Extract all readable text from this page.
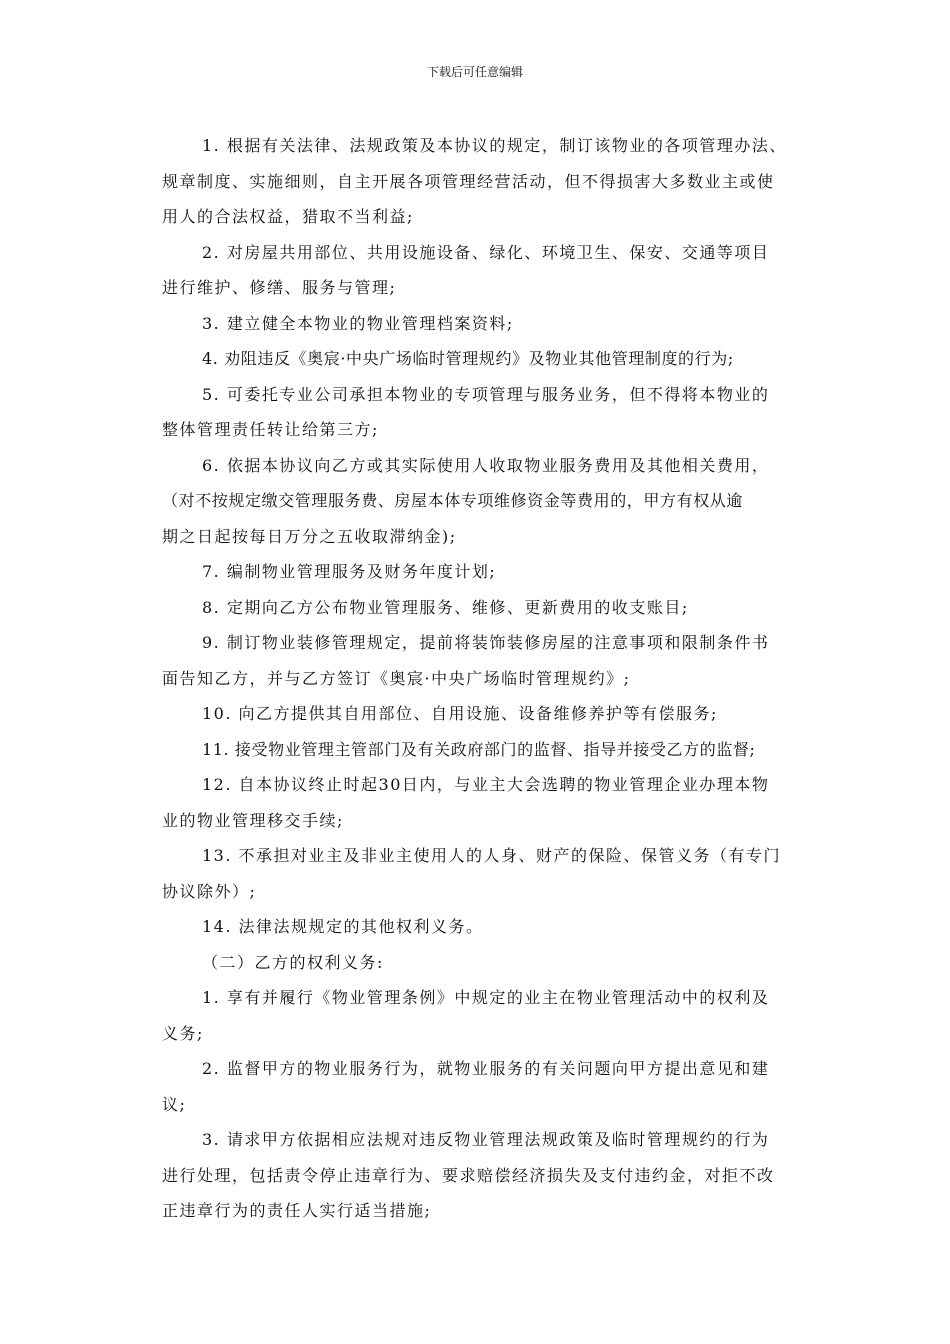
下载后可任意编辑
1. 根据有关法律、法规政策及本协议的规定，制订该物业的各项管理办法、
规章制度、实施细则，自主开展各项管理经营活动，但不得损害大多数业主或使
用人的合法权益，猎取不当利益;
2. 对房屋共用部位、共用设施设备、绿化、环境卫生、保安、交通等项目
进行维护、修缮、服务与管理;
3. 建立健全本物业的物业管理档案资料;
4. 劝阻违反《奥宸·中央广场临时管理规约》及物业其他管理制度的行为;
5. 可委托专业公司承担本物业的专项管理与服务业务，但不得将本物业的
整体管理责任转让给第三方;
6. 依据本协议向乙方或其实际使用人收取物业服务费用及其他相关费用，
（对不按规定缴交管理服务费、房屋本体专项维修资金等费用的，甲方有权从逾
期之日起按每日万分之五收取滞纳金);
7. 编制物业管理服务及财务年度计划;
8. 定期向乙方公布物业管理服务、维修、更新费用的收支账目;
9. 制订物业装修管理规定，提前将装饰装修房屋的注意事项和限制条件书
面告知乙方，并与乙方签订《奥宸·中央广场临时管理规约》;
10. 向乙方提供其自用部位、自用设施、设备维修养护等有偿服务;
11. 接受物业管理主管部门及有关政府部门的监督、指导并接受乙方的监督;
12. 自本协议终止时起30日内，与业主大会选聘的物业管理企业办理本物
业的物业管理移交手续;
13. 不承担对业主及非业主使用人的人身、财产的保险、保管义务（有专门
协议除外）;
14. 法律法规规定的其他权利义务。
（二）乙方的权利义务:
1. 享有并履行《物业管理条例》中规定的业主在物业管理活动中的权利及
义务;
2. 监督甲方的物业服务行为，就物业服务的有关问题向甲方提出意见和建
议;
3. 请求甲方依据相应法规对违反物业管理法规政策及临时管理规约的行为
进行处理，包括责令停止违章行为、要求赔偿经济损失及支付违约金，对拒不改
正违章行为的责任人实行适当措施;
